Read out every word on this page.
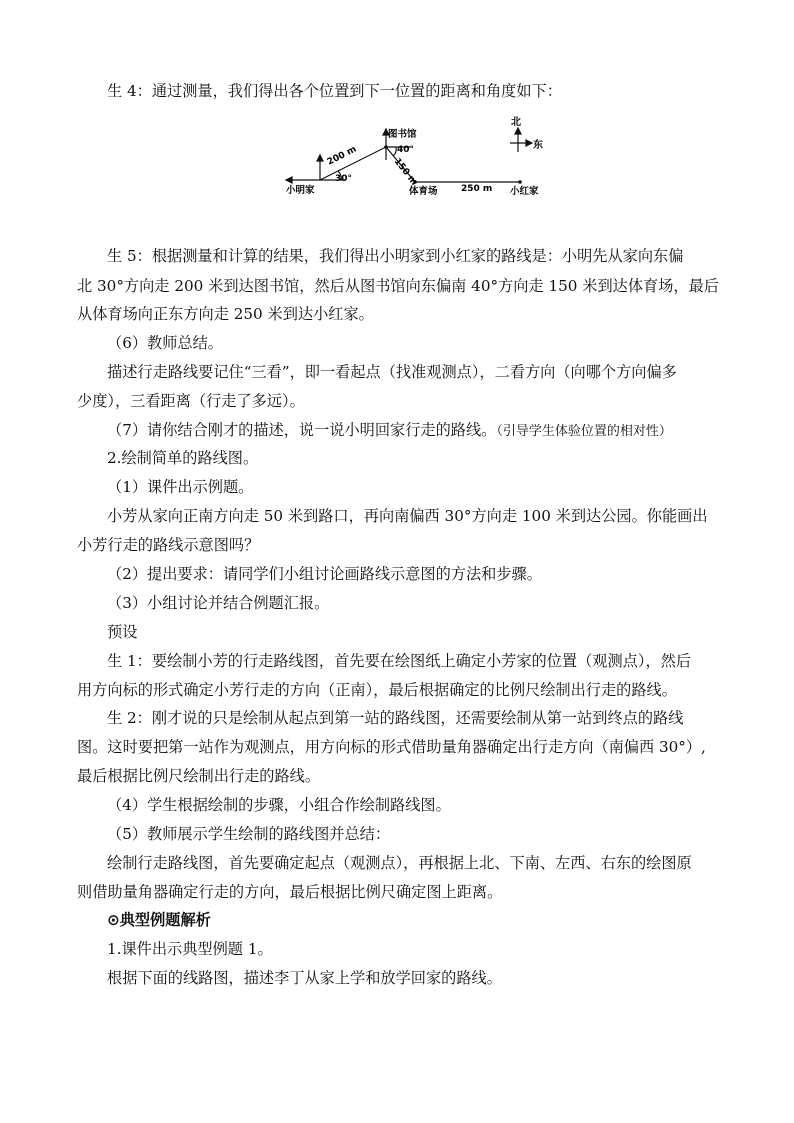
生 4：通过测量，我们得出各个位置到下一位置的距离和角度如下：
北
东
图书馆
40°
30°
200 m
150 m
250 m
小明家	体育场	小红家
生 5：根据测量和计算的结果，我们得出小明家到小红家的路线是：小明先从家向东偏
北 30°方向走 200 米到达图书馆，然后从图书馆向东偏南 40°方向走 150 米到达体育场，最后
从体育场向正东方向走 250 米到达小红家。
（6）教师总结。
描述行走路线要记住“三看”，即一看起点（找准观测点），二看方向（向哪个方向偏多
少度），三看距离（行走了多远）。
（7）请你结合刚才的描述，说一说小明回家行走的路线。（引导学生体验位置的相对性）
2.绘制简单的路线图。
（1）课件出示例题。
小芳从家向正南方向走 50 米到路口，再向南偏西 30°方向走 100 米到达公园。你能画出
小芳行走的路线示意图吗？
（2）提出要求：请同学们小组讨论画路线示意图的方法和步骤。
（3）小组讨论并结合例题汇报。
预设
生 1：要绘制小芳的行走路线图，首先要在绘图纸上确定小芳家的位置（观测点），然后
用方向标的形式确定小芳行走的方向（正南），最后根据确定的比例尺绘制出行走的路线。
生 2：刚才说的只是绘制从起点到第一站的路线图，还需要绘制从第一站到终点的路线
图。这时要把第一站作为观测点，用方向标的形式借助量角器确定出行走方向（南偏西 30°）,
最后根据比例尺绘制出行走的路线。
（4）学生根据绘制的步骤，小组合作绘制路线图。
（5）教师展示学生绘制的路线图并总结：
绘制行走路线图，首先要确定起点（观测点），再根据上北、下南、左西、右东的绘图原
则借助量角器确定行走的方向，最后根据比例尺确定图上距离。
⊙典型例题解析
1.课件出示典型例题 1。
根据下面的线路图，描述李丁从家上学和放学回家的路线。
